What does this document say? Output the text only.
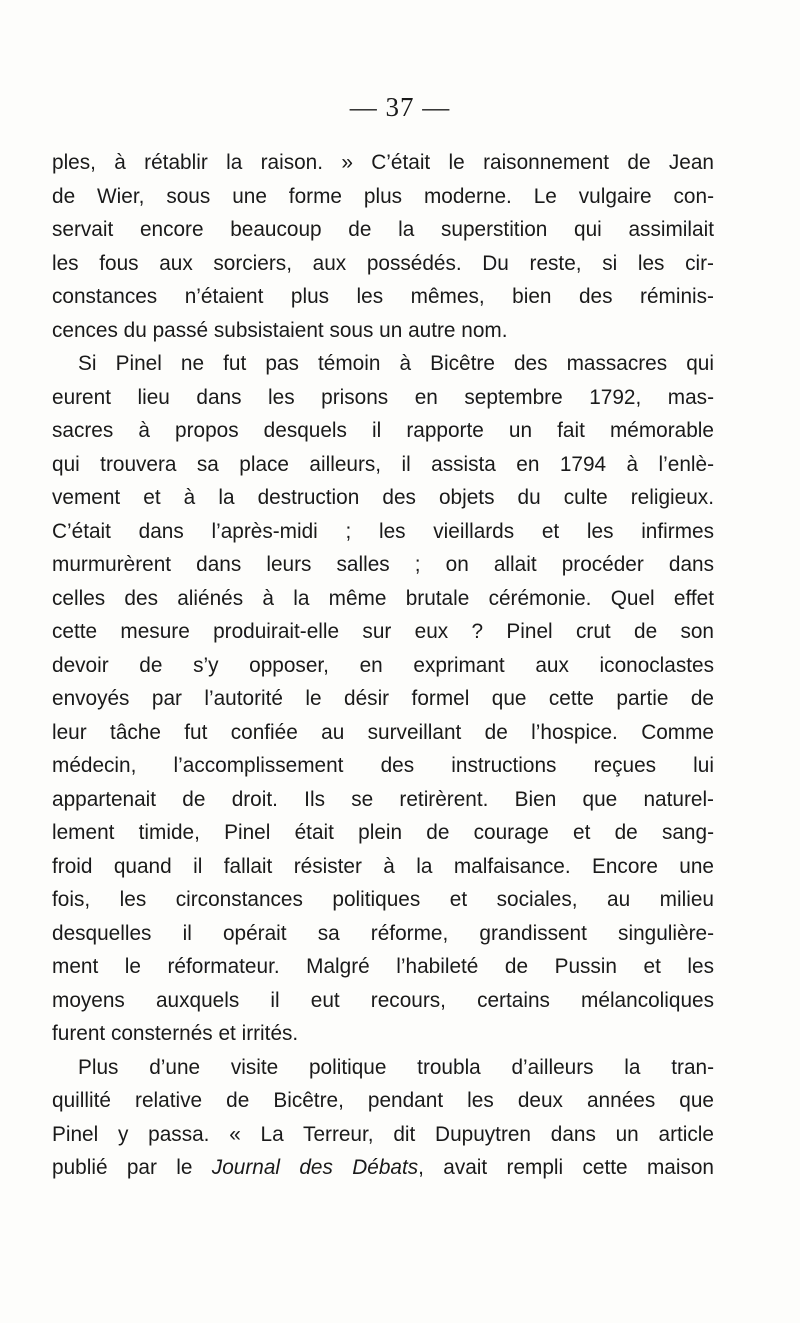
— 37 —
ples, à rétablir la raison. » C’était le raisonnement de Jean
de Wier, sous une forme plus moderne. Le vulgaire con-
servait encore beaucoup de la superstition qui assimilait
les fous aux sorciers, aux possédés. Du reste, si les cir-
constances n’étaient plus les mêmes, bien des réminis-
cences du passé subsistaient sous un autre nom.
Si Pinel ne fut pas témoin à Bicêtre des massacres qui
eurent lieu dans les prisons en septembre 1792, mas-
sacres à propos desquels il rapporte un fait mémorable
qui trouvera sa place ailleurs, il assista en 1794 à l’enlè-
vement et à la destruction des objets du culte religieux.
C’était dans l’après-midi ; les vieillards et les infirmes
murmurèrent dans leurs salles ; on allait procéder dans
celles des aliénés à la même brutale cérémonie. Quel effet
cette mesure produirait-elle sur eux ? Pinel crut de son
devoir de s’y opposer, en exprimant aux iconoclastes
envoyés par l’autorité le désir formel que cette partie de
leur tâche fut confiée au surveillant de l’hospice. Comme
médecin, l’accomplissement des instructions reçues lui
appartenait de droit. Ils se retirèrent. Bien que naturel-
lement timide, Pinel était plein de courage et de sang-
froid quand il fallait résister à la malfaisance. Encore une
fois, les circonstances politiques et sociales, au milieu
desquelles il opérait sa réforme, grandissent singulière-
ment le réformateur. Malgré l’habileté de Pussin et les
moyens auxquels il eut recours, certains mélancoliques
furent consternés et irrités.
Plus d’une visite politique troubla d’ailleurs la tran-
quillité relative de Bicêtre, pendant les deux années que
Pinel y passa. « La Terreur, dit Dupuytren dans un article
publié par le Journal des Débats, avait rempli cette maison
